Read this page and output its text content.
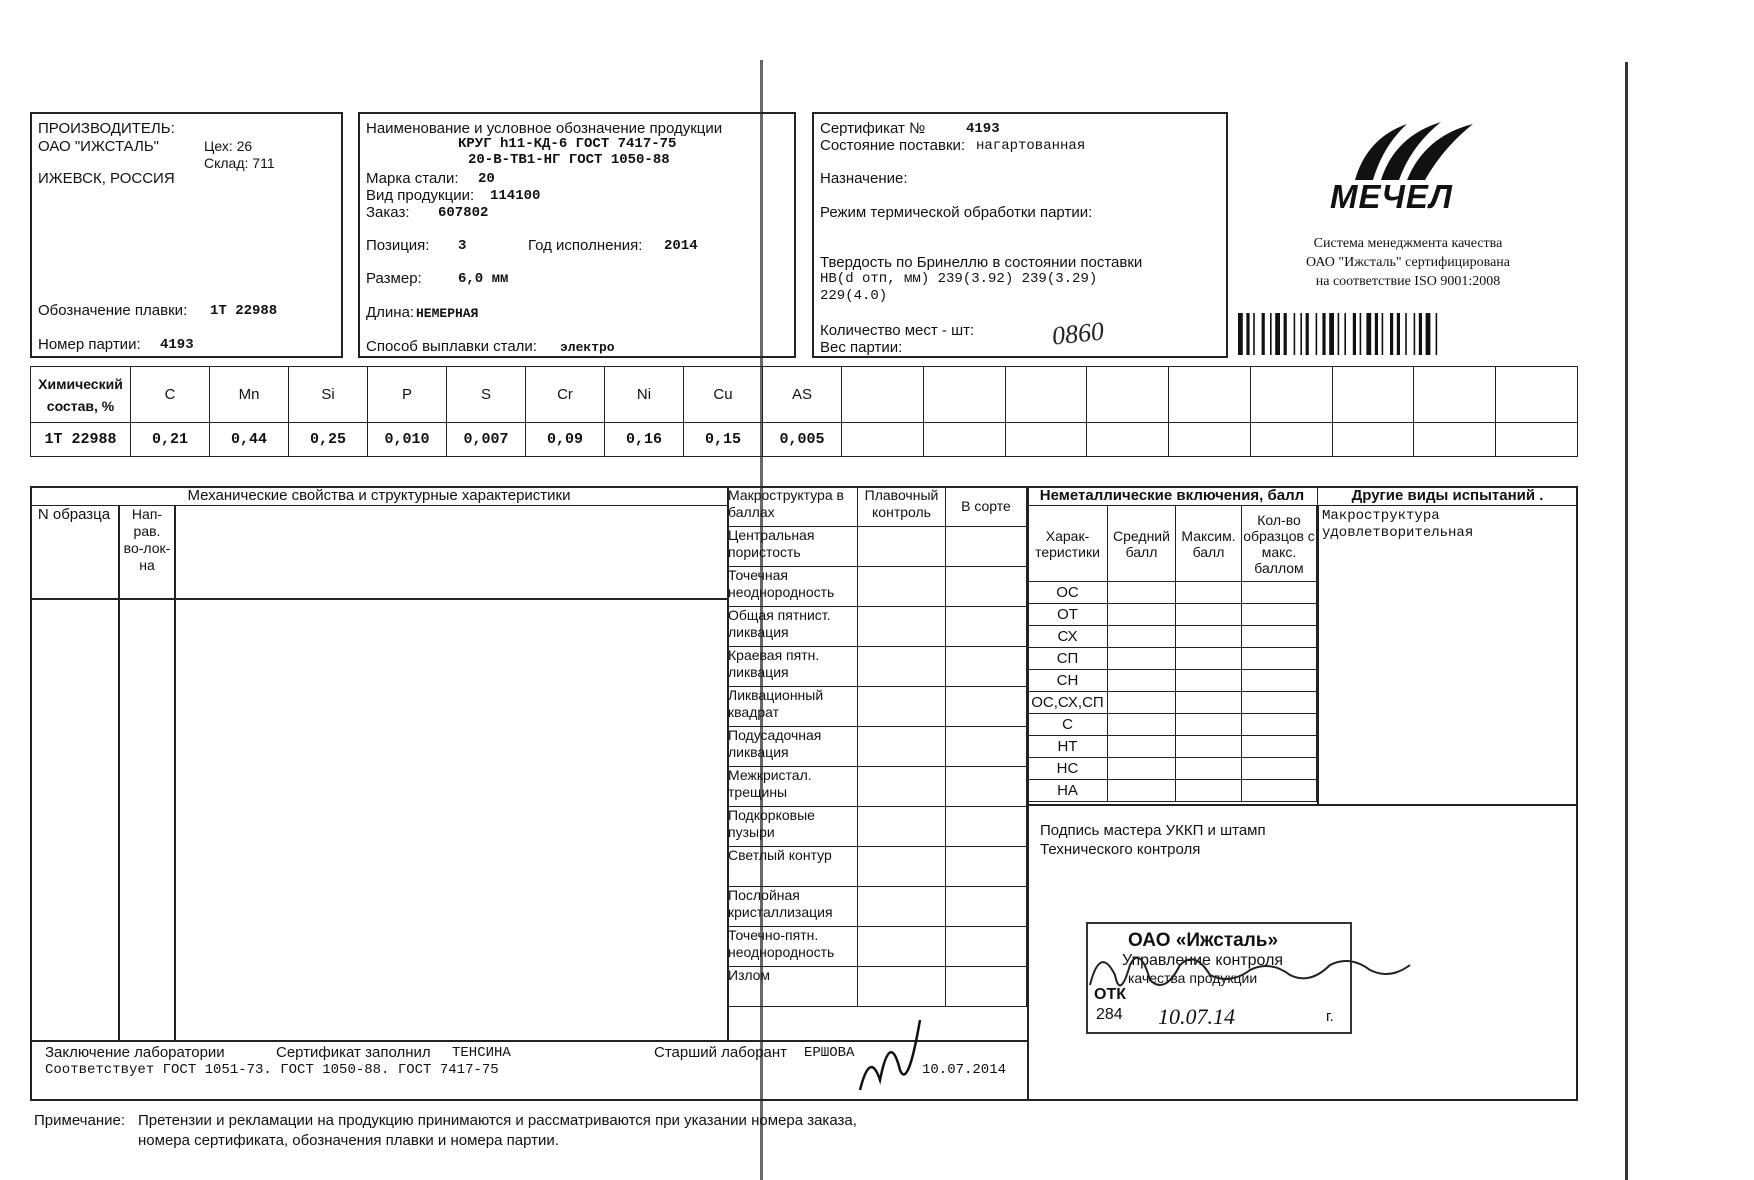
ПРОИЗВОДИТЕЛЬ:
ОАО "ИЖСТАЛЬ"	Цех: 26
Склад: 711
ИЖЕВСК, РОССИЯ
Обозначение плавки: 1Т 22988
Номер партии: 4193
Наименование и условное обозначение продукции
КРУГ h11-КД-6 ГОСТ 7417-75
20-В-ТВ1-НГ ГОСТ 1050-88
Марка стали: 20
Вид продукции: 114100
Заказ: 607802
Позиция: 3	Год исполнения: 2014
Размер:	6,0 мм
Длина: НЕМЕРНАЯ
Способ выплавки стали: электро
Сертификат №	4193
Состояние поставки: нагартованная
Назначение:
Режим термической обработки партии:
Твердость по Бринеллю в состоянии поставки
HB(d отп, мм) 239(3.92) 239(3.29)
229(4.0)
Количество мест - шт:
Вес партии:	0860
МЕЧЕЛ
Система менеджмента качества
ОАО "Ижсталь" сертифицирована
на соответствие ISO 9001:2008
Химический
состав, %	C	Mn	Si	P	S	Cr	Ni	Cu	AS									
1Т 22988	0,21	0,44	0,25	0,010	0,007	0,09	0,16	0,15	0,005									
Механические свойства и структурные характеристики
N образца	Нап-рав. во-лок-на
Макроструктура в баллах	Плавочный контроль	В сорте
Центральная пористость		
Точечная неоднородность		
Общая пятнист. ликвация		
Краевая пятн. ликвация		
Ликвационный квадрат		
Подусадочная ликвация		
Межкристал. трещины		
Подкорковые пузыри		
Светлый контур		
Послойная кристаллизация		
Точечно-пятн. неоднородность		
Излом		
Неметаллические включения, балл
Харак-теристики	Средний балл	Максим. балл	Кол-во образцов с макс. баллом
ОС			
ОТ			
СХ			
СП			
СН			
ОС,СХ,СП			
С			
НТ			
НС			
НА			
Другие виды испытаний .
Макроструктура
удовлетворительная
Подпись мастера УККП и штамп
Технического контроля
ОАО «Ижсталь»
Управление контроля
качества продукции
ОТК
284 10.07.14	г.
Заключение лаборатории	Сертификат заполнил ТЕНСИНА
Соответствует ГОСТ 1051-73. ГОСТ 1050-88. ГОСТ 7417-75
Старший лаборант ЕРШОВА
10.07.2014
Примечание: Претензии и рекламации на продукцию принимаются и рассматриваются при указании номера заказа,
номера сертификата, обозначения плавки и номера партии.
